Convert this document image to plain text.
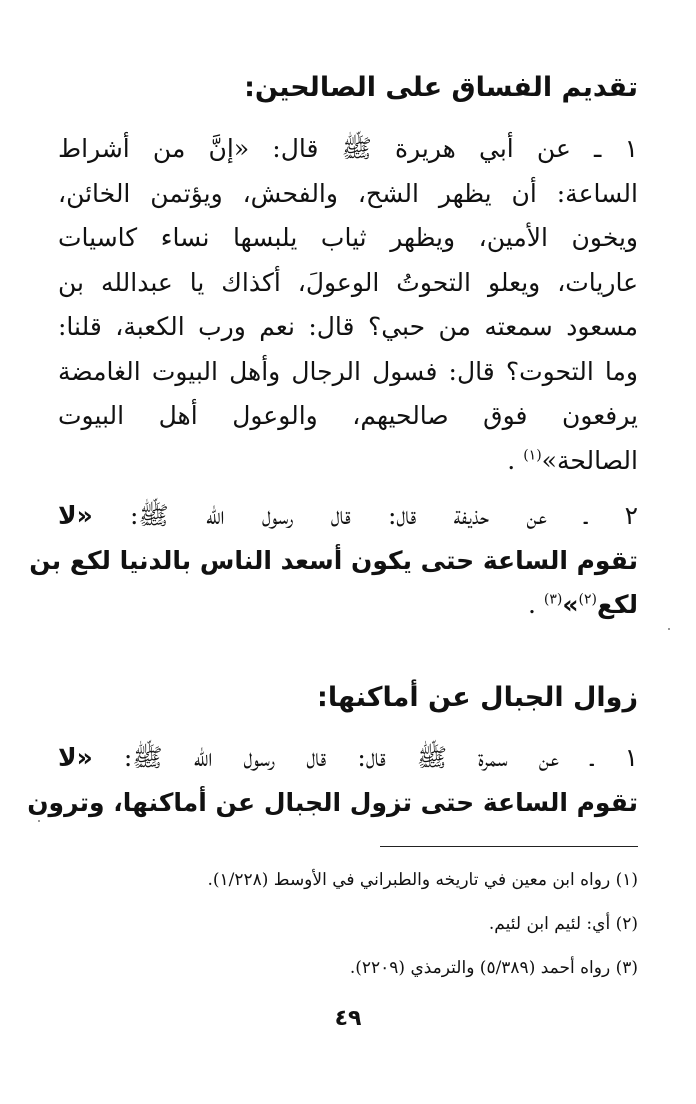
تقديم الفساق على الصالحين:
١ ـ عن أبي هريرة ﷺ قال: «إنَّ من أشراط
الساعة: أن يظهر الشح، والفحش، ويؤتمن الخائن،
ويخون الأمين، ويظهر ثياب يلبسها نساء كاسيات
عاريات، ويعلو التحوتُ الوعولَ، أكذاك يا عبدالله بن
مسعود سمعته من حبي؟ قال: نعم ورب الكعبة، قلنا:
وما التحوت؟ قال: فسول الرجال وأهل البيوت الغامضة
يرفعون فوق صالحيهم، والوعول أهل البيوت
الصالحة»$^{(١)}$ .
٢ ـ عن حذيفة قال: قال رسول الله ﷺ: «لا
تقوم الساعة حتى يكون أسعد الناس بالدنيا لكع بن
لكع$^{(٢)}$»$^{(٣)}$ .
زوال الجبال عن أماكنها:
١ ـ عن سمرة ﷺ قال: قال رسول الله ﷺ: «لا
تقوم الساعة حتى تزول الجبال عن أماكنها، وترون
(١) رواه ابن معين في تاريخه والطبراني في الأوسط (١/٢٢٨).
(٢) أي: لئيم ابن لئيم.
(٣) رواه أحمد (٥/٣٨٩) والترمذي (٢٢٠٩).
٤٩
